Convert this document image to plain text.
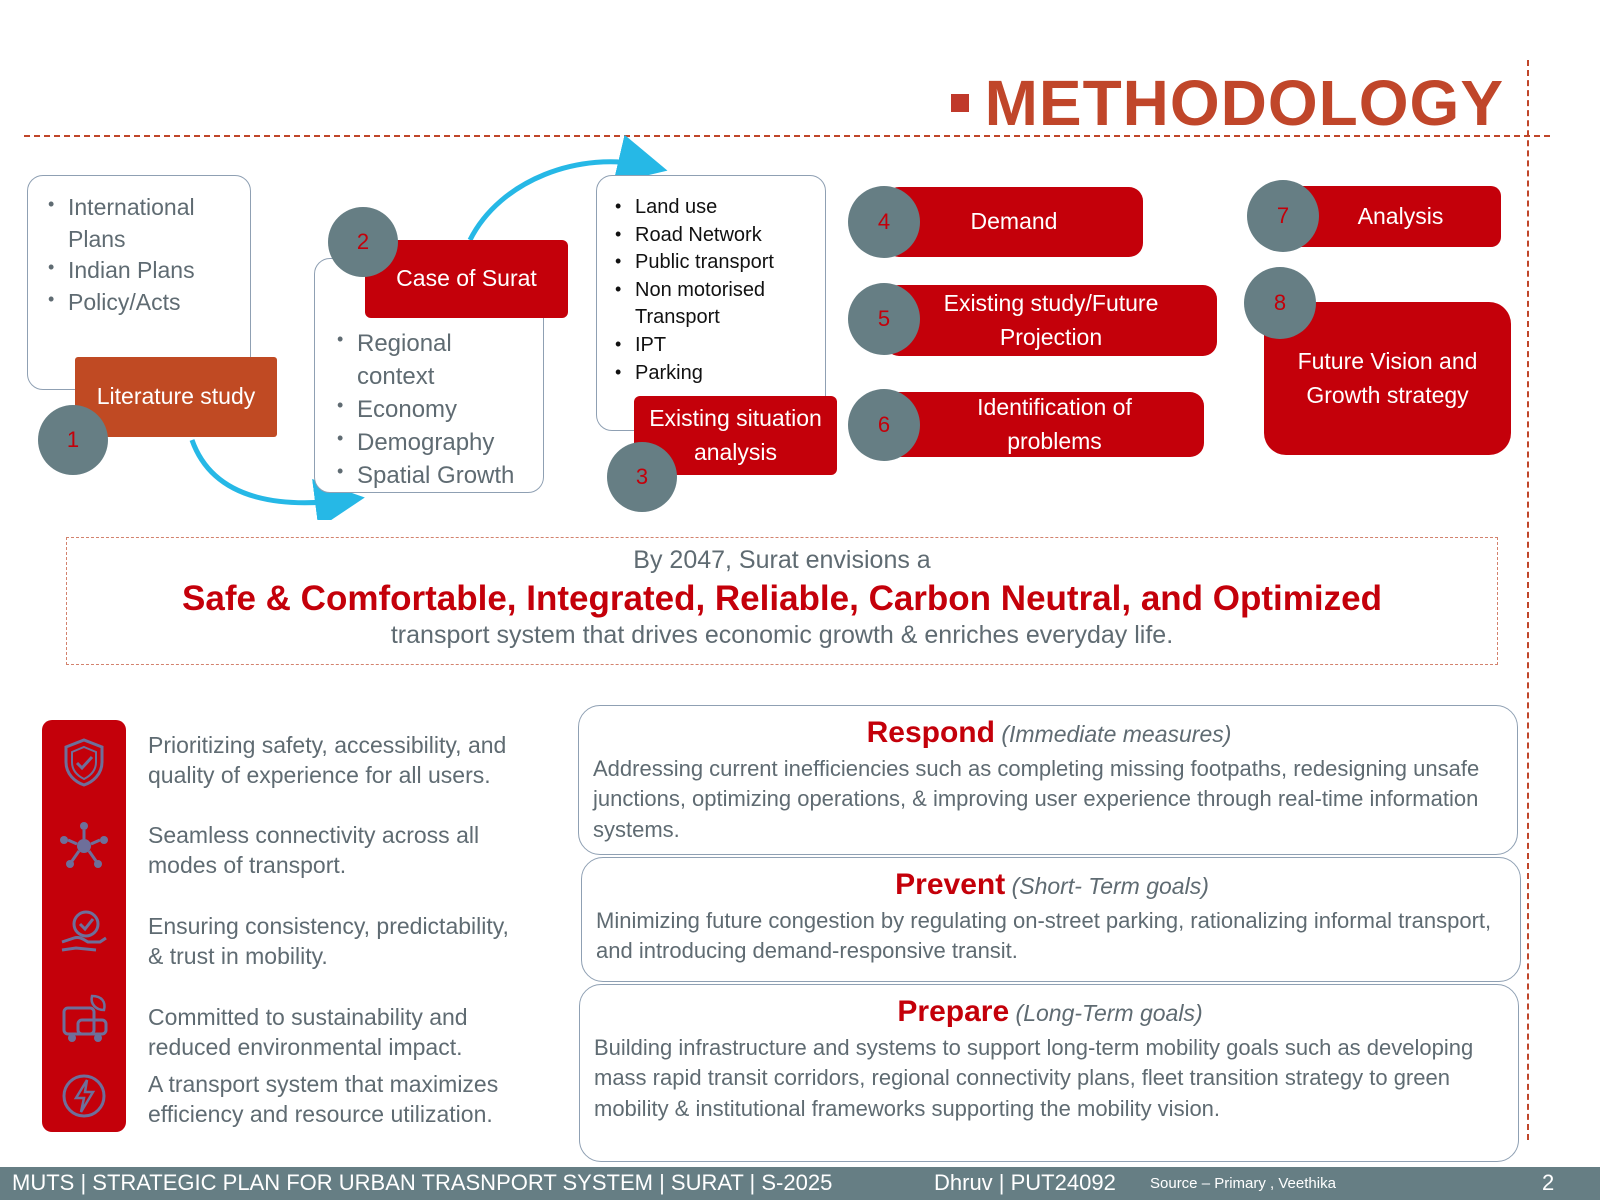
METHODOLOGY
• International Plans
• Indian Plans
• Policy/Acts
Literature study
1
• Regional context
• Economy
• Demography
• Spatial Growth
Case of Surat
2
• Land use
• Road Network
• Public transport
• Non motorised Transport
• IPT
• Parking
Existing situation analysis
3
Demand
4
Existing study/Future Projection
5
Identification of problems
6
Analysis
7
Future Vision and Growth strategy
8
By 2047, Surat envisions a
Safe & Comfortable, Integrated, Reliable, Carbon Neutral, and Optimized
transport system that drives economic growth & enriches everyday life.
Prioritizing safety, accessibility, and quality of experience for all users.
Seamless connectivity across all modes of transport.
Ensuring consistency, predictability, & trust in mobility.
Committed to sustainability and reduced environmental impact.
A transport system that maximizes efficiency and resource utilization.
Respond (Immediate measures)
Addressing current inefficiencies such as completing missing footpaths, redesigning unsafe junctions, optimizing operations, & improving user experience through real-time information systems.
Prevent (Short- Term goals)
Minimizing future congestion by regulating on-street parking, rationalizing informal transport, and introducing demand-responsive transit.
Prepare (Long-Term goals)
Building infrastructure and systems to support long-term mobility goals such as developing mass rapid transit corridors, regional connectivity plans, fleet transition strategy to green mobility & institutional frameworks supporting the mobility vision.
MUTS | STRATEGIC PLAN FOR URBAN TRASNPORT SYSTEM | SURAT | S-2025	Dhruv | PUT24092 Source – Primary , Veethika	2
